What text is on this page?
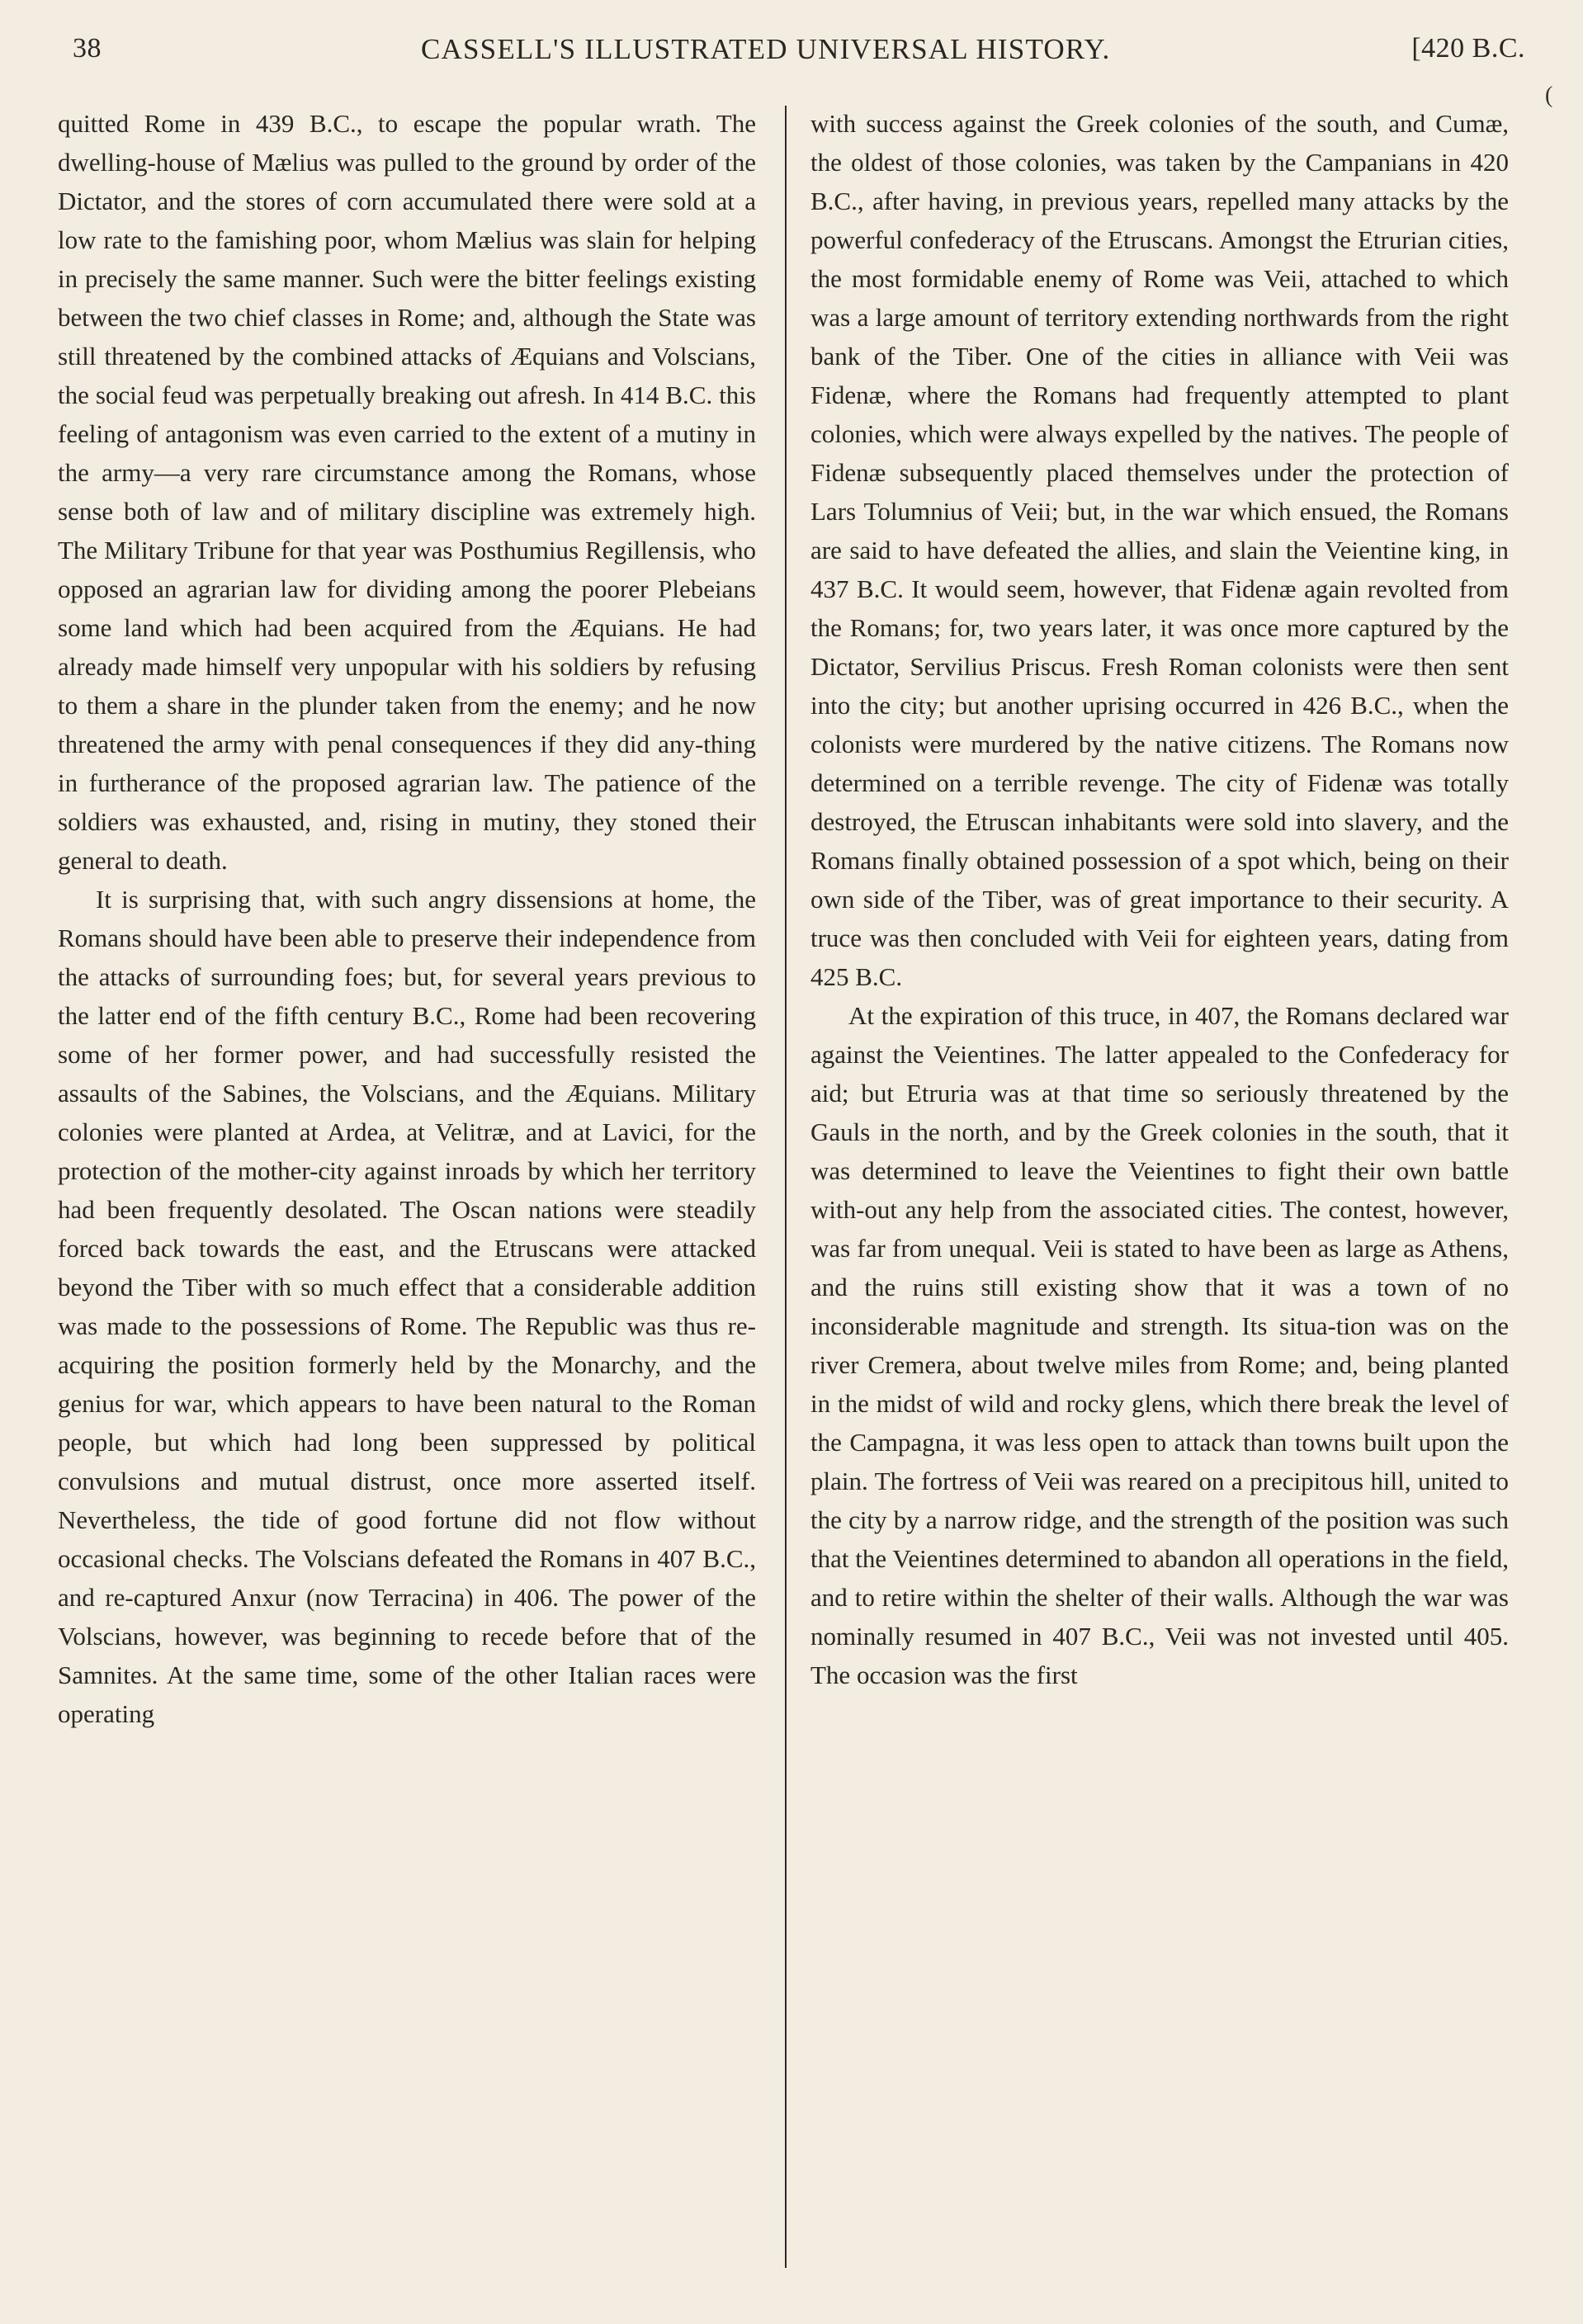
38	CASSELL'S ILLUSTRATED UNIVERSAL HISTORY.	[420 B.C.
(

quitted Rome in 439 B.C., to escape the popular wrath. The dwelling-house of Mælius was pulled to the ground by order of the Dictator, and the stores of corn accumulated there were sold at a low rate to the famishing poor, whom Mælius was slain for helping in precisely the same manner. Such were the bitter feelings existing between the two chief classes in Rome; and, although the State was still threatened by the combined attacks of Æquians and Volscians, the social feud was perpetually breaking out afresh. In 414 B.C. this feeling of antagonism was even carried to the extent of a mutiny in the army—a very rare circumstance among the Romans, whose sense both of law and of military discipline was extremely high. The Military Tribune for that year was Posthumius Regillensis, who opposed an agrarian law for dividing among the poorer Plebeians some land which had been acquired from the Æquians. He had already made himself very unpopular with his soldiers by refusing to them a share in the plunder taken from the enemy; and he now threatened the army with penal consequences if they did any-thing in furtherance of the proposed agrarian law. The patience of the soldiers was exhausted, and, rising in mutiny, they stoned their general to death.

It is surprising that, with such angry dissensions at home, the Romans should have been able to preserve their independence from the attacks of surrounding foes; but, for several years previous to the latter end of the fifth century B.C., Rome had been recovering some of her former power, and had successfully resisted the assaults of the Sabines, the Volscians, and the Æquians. Military colonies were planted at Ardea, at Velitræ, and at Lavici, for the protection of the mother-city against inroads by which her territory had been frequently desolated. The Oscan nations were steadily forced back towards the east, and the Etruscans were attacked beyond the Tiber with so much effect that a considerable addition was made to the possessions of Rome. The Republic was thus re-acquiring the position formerly held by the Monarchy, and the genius for war, which appears to have been natural to the Roman people, but which had long been suppressed by political convulsions and mutual distrust, once more asserted itself. Nevertheless, the tide of good fortune did not flow without occasional checks. The Volscians defeated the Romans in 407 B.C., and re-captured Anxur (now Terracina) in 406. The power of the Volscians, however, was beginning to recede before that of the Samnites. At the same time, some of the other Italian races were operating

with success against the Greek colonies of the south, and Cumæ, the oldest of those colonies, was taken by the Campanians in 420 B.C., after having, in previous years, repelled many attacks by the powerful confederacy of the Etruscans. Amongst the Etrurian cities, the most formidable enemy of Rome was Veii, attached to which was a large amount of territory extending northwards from the right bank of the Tiber. One of the cities in alliance with Veii was Fidenæ, where the Romans had frequently attempted to plant colonies, which were always expelled by the natives. The people of Fidenæ subsequently placed themselves under the protection of Lars Tolumnius of Veii; but, in the war which ensued, the Romans are said to have defeated the allies, and slain the Veientine king, in 437 B.C. It would seem, however, that Fidenæ again revolted from the Romans; for, two years later, it was once more captured by the Dictator, Servilius Priscus. Fresh Roman colonists were then sent into the city; but another uprising occurred in 426 B.C., when the colonists were murdered by the native citizens. The Romans now determined on a terrible revenge. The city of Fidenæ was totally destroyed, the Etruscan inhabitants were sold into slavery, and the Romans finally obtained possession of a spot which, being on their own side of the Tiber, was of great importance to their security. A truce was then concluded with Veii for eighteen years, dating from 425 B.C.

At the expiration of this truce, in 407, the Romans declared war against the Veientines. The latter appealed to the Confederacy for aid; but Etruria was at that time so seriously threatened by the Gauls in the north, and by the Greek colonies in the south, that it was determined to leave the Veientines to fight their own battle with-out any help from the associated cities. The contest, however, was far from unequal. Veii is stated to have been as large as Athens, and the ruins still existing show that it was a town of no inconsiderable magnitude and strength. Its situa-tion was on the river Cremera, about twelve miles from Rome; and, being planted in the midst of wild and rocky glens, which there break the level of the Campagna, it was less open to attack than towns built upon the plain. The fortress of Veii was reared on a precipitous hill, united to the city by a narrow ridge, and the strength of the position was such that the Veientines determined to abandon all operations in the field, and to retire within the shelter of their walls. Although the war was nominally resumed in 407 B.C., Veii was not invested until 405. The occasion was the first
